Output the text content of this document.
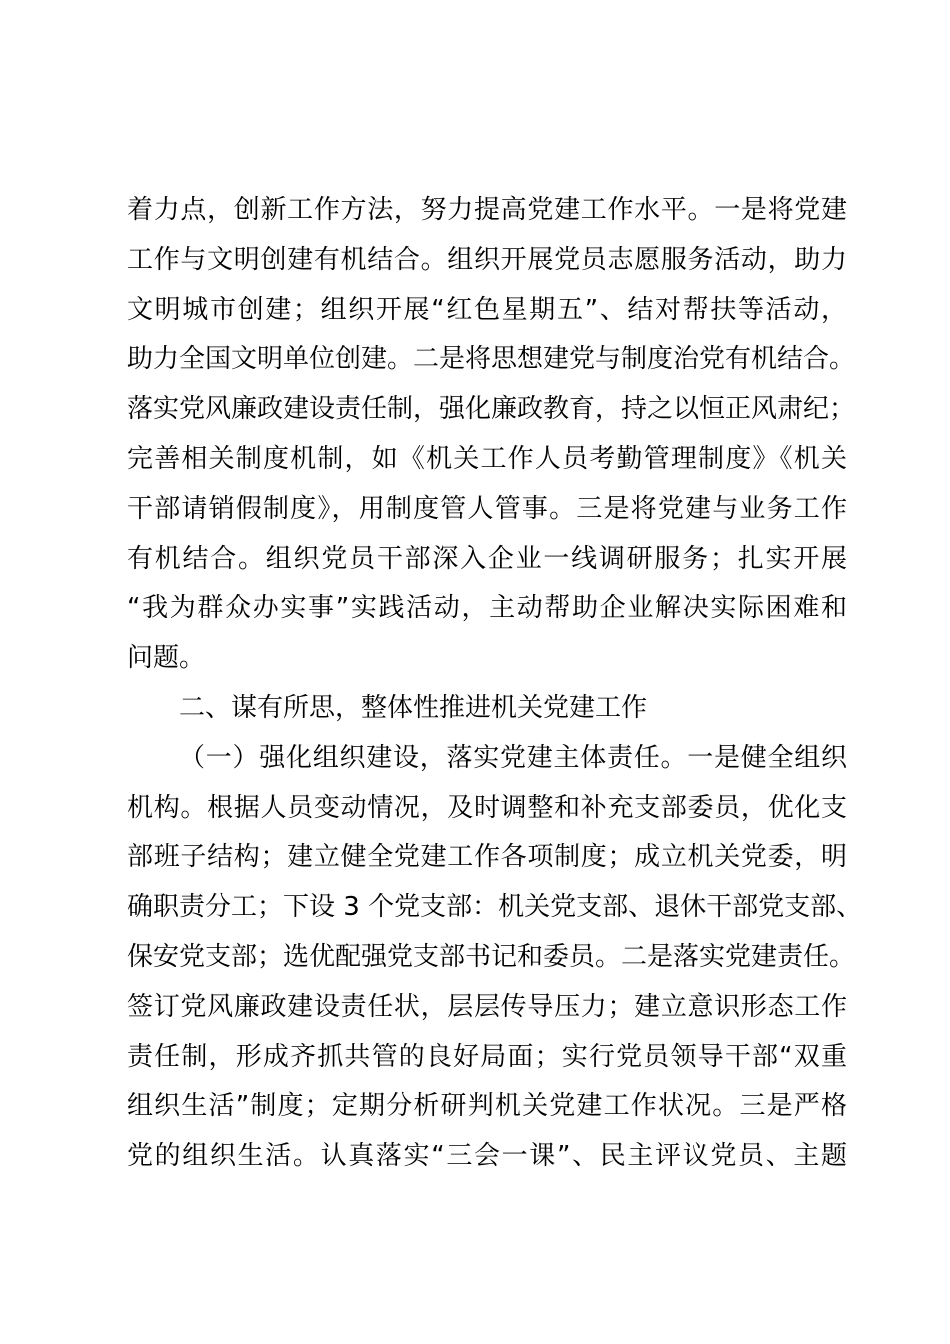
着力点，创新工作方法，努力提高党建工作水平。一是将党建
工作与文明创建有机结合。组织开展党员志愿服务活动，助力
文明城市创建；组织开展“红色星期五”、结对帮扶等活动，
助力全国文明单位创建。二是将思想建党与制度治党有机结合。
落实党风廉政建设责任制，强化廉政教育，持之以恒正风肃纪；
完善相关制度机制，如《机关工作人员考勤管理制度》《机关
干部请销假制度》，用制度管人管事。三是将党建与业务工作
有机结合。组织党员干部深入企业一线调研服务；扎实开展
“我为群众办实事”实践活动，主动帮助企业解决实际困难和
问题。
二、谋有所思，整体性推进机关党建工作
（一）强化组织建设，落实党建主体责任。一是健全组织
机构。根据人员变动情况，及时调整和补充支部委员，优化支
部班子结构；建立健全党建工作各项制度；成立机关党委，明
确职责分工；下设 3 个党支部：机关党支部、退休干部党支部、
保安党支部；选优配强党支部书记和委员。二是落实党建责任。
签订党风廉政建设责任状，层层传导压力；建立意识形态工作
责任制，形成齐抓共管的良好局面；实行党员领导干部“双重
组织生活”制度；定期分析研判机关党建工作状况。三是严格
党的组织生活。认真落实“三会一课”、民主评议党员、主题
